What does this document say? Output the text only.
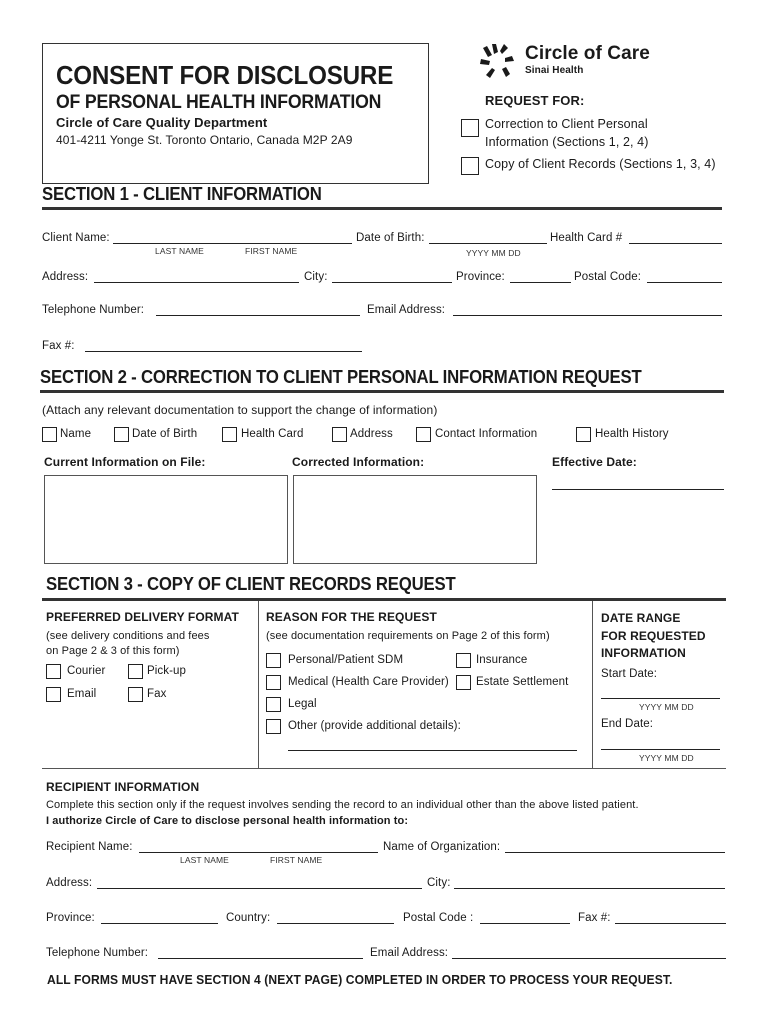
CONSENT FOR DISCLOSURE
OF PERSONAL HEALTH INFORMATION
Circle of Care Quality Department
401-4211 Yonge St. Toronto Ontario, Canada M2P 2A9
Circle of Care
Sinai Health
REQUEST FOR:
Correction to Client Personal
Information (Sections 1, 2, 4)
Copy of Client Records (Sections 1, 3, 4)
SECTION 1 - CLIENT INFORMATION
Client Name:
LAST NAME	FIRST NAME
Date of Birth:
YYYY MM DD
Health Card #
Address:	City:	Province:	Postal Code:
Telephone Number:	Email Address:
Fax #:
SECTION 2 - CORRECTION TO CLIENT PERSONAL INFORMATION REQUEST
(Attach any relevant documentation to support the change of information)
Name	Date of Birth	Health Card	Address	Contact Information	Health History
Current Information on File:	Corrected Information:	Effective Date:
SECTION 3 - COPY OF CLIENT RECORDS REQUEST
PREFERRED DELIVERY FORMAT
(see delivery conditions and fees
on Page 2 & 3 of this form)
Courier	Pick-up
Email	Fax
REASON FOR THE REQUEST
(see documentation requirements on Page 2 of this form)
Personal/Patient SDM	Insurance
Medical (Health Care Provider) Estate Settlement
Legal
Other (provide additional details):
DATE RANGE
FOR REQUESTED
INFORMATION
Start Date:
YYYY MM DD
End Date:
YYYY MM DD
RECIPIENT INFORMATION
Complete this section only if the request involves sending the record to an individual other than the above listed patient.
I authorize Circle of Care to disclose personal health information to:
Recipient Name:
LAST NAME	FIRST NAME
Name of Organization:
Address:	City:
Province:	Country:	Postal Code :	Fax #:
Telephone Number:	Email Address:
ALL FORMS MUST HAVE SECTION 4 (NEXT PAGE) COMPLETED IN ORDER TO PROCESS YOUR REQUEST.
